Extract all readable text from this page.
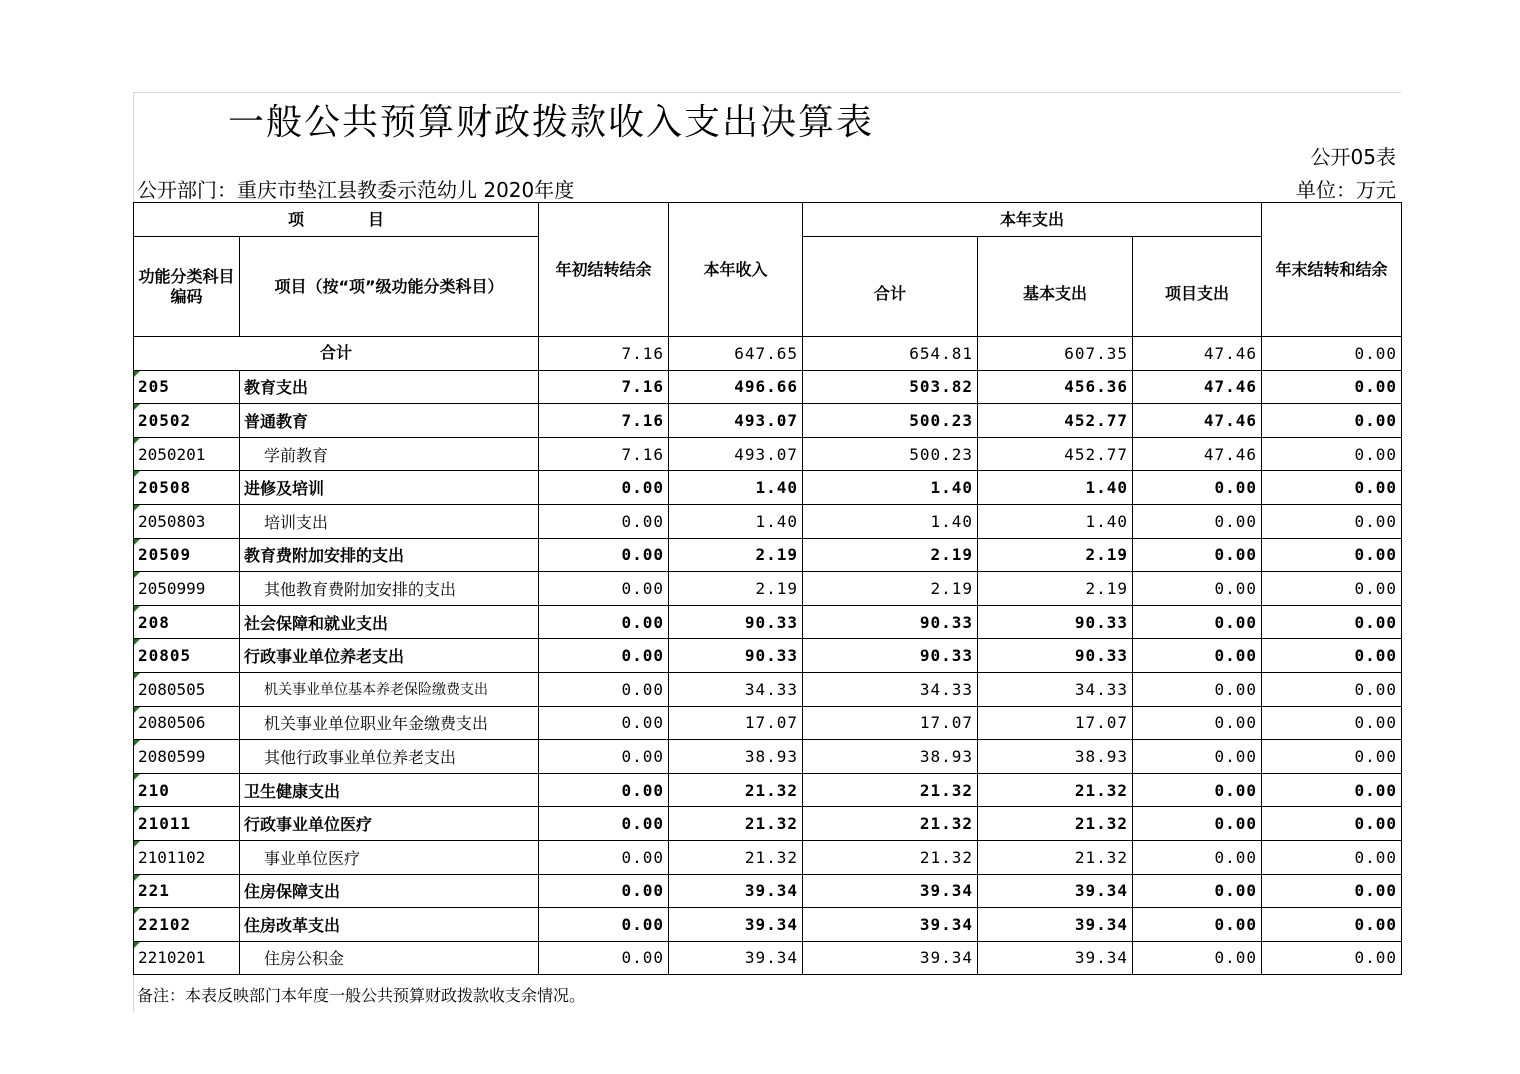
一般公共预算财政拨款收入支出决算表
公开05表
公开部门：重庆市垫江县教委示范幼儿 2020年度	单位：万元
项　　　　目		年初结转结余	本年收入	本年支出			年末结转和结余
功能分类科目编码	项目（按“项”级功能分类科目）			合计	基本支出	项目支出	
合计		7.16	647.65	654.81	607.35	47.46	0.00

205	教育支出	7.16	496.66	503.82	456.36	47.46	0.00

20502	普通教育	7.16	493.07	500.23	452.77	47.46	0.00

2050201	学前教育	7.16	493.07	500.23	452.77	47.46	0.00

20508	进修及培训	0.00	1.40	1.40	1.40	0.00	0.00

2050803	培训支出	0.00	1.40	1.40	1.40	0.00	0.00

20509	教育费附加安排的支出	0.00	2.19	2.19	2.19	0.00	0.00

2050999	其他教育费附加安排的支出	0.00	2.19	2.19	2.19	0.00	0.00

208	社会保障和就业支出	0.00	90.33	90.33	90.33	0.00	0.00

20805	行政事业单位养老支出	0.00	90.33	90.33	90.33	0.00	0.00

2080505	机关事业单位基本养老保险缴费支出	0.00	34.33	34.33	34.33	0.00	0.00

2080506	机关事业单位职业年金缴费支出	0.00	17.07	17.07	17.07	0.00	0.00

2080599	其他行政事业单位养老支出	0.00	38.93	38.93	38.93	0.00	0.00

210	卫生健康支出	0.00	21.32	21.32	21.32	0.00	0.00

21011	行政事业单位医疗	0.00	21.32	21.32	21.32	0.00	0.00

2101102	事业单位医疗	0.00	21.32	21.32	21.32	0.00	0.00

221	住房保障支出	0.00	39.34	39.34	39.34	0.00	0.00

22102	住房改革支出	0.00	39.34	39.34	39.34	0.00	0.00

2210201	住房公积金	0.00	39.34	39.34	39.34	0.00	0.00
备注：本表反映部门本年度一般公共预算财政拨款收支余情况。
